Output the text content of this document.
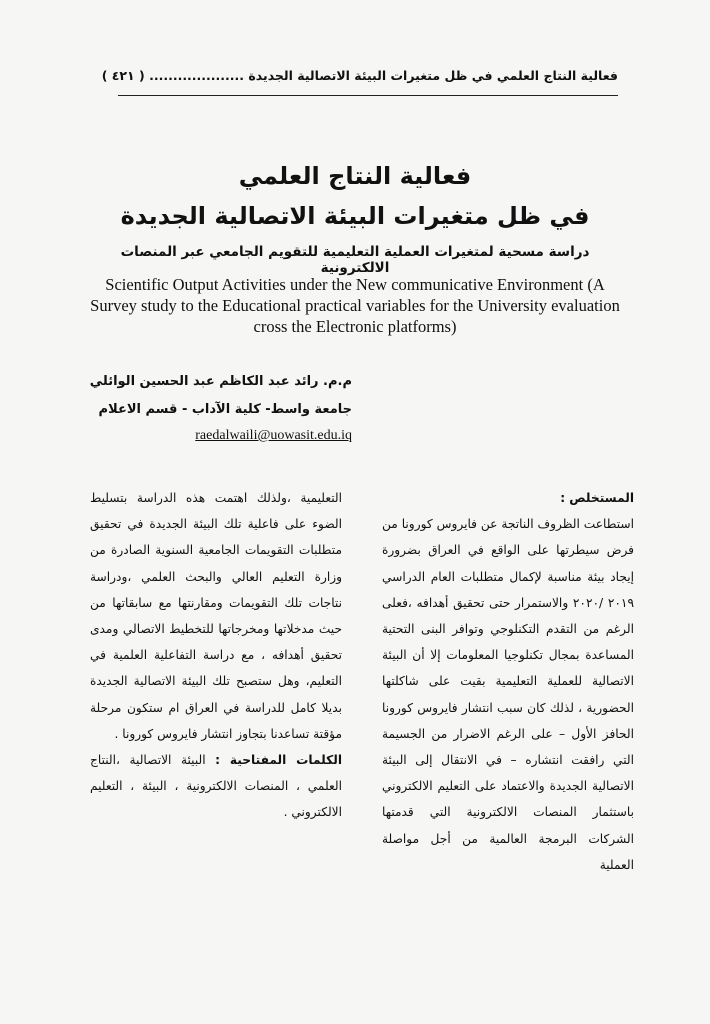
فعالية النتاج العلمي في ظل متغيرات البيئة الاتصالية الجديدة .................... ( ٤٢١ )
فعالية النتاج العلمي
في ظل متغيرات البيئة الاتصالية الجديدة
دراسة مسحية لمتغيرات العملية التعليمية للتقويم الجامعي عبر المنصات الالكترونية
Scientific Output Activities under the New communicative Environment (A Survey study to the Educational practical variables for the University evaluation cross the Electronic platforms)
م.م. رائد عبد الكاظم عبد الحسين الوائلي
جامعة واسط- كلية الآداب - قسم الاعلام
raedalwaili@uowasit.edu.iq
المستخلص :
استطاعت الظروف الناتجة عن فايروس كورونا من فرض سيطرتها على الواقع في العراق بضرورة إيجاد بيئة مناسبة لإكمال متطلبات العام الدراسي ٢٠١٩ /٢٠٢٠ والاستمرار حتى تحقيق أهدافه ،فعلى الرغم من التقدم التكنلوجي وتوافر البنى التحتية المساعدة بمجال تكنلوجيا المعلومات إلا أن البيئة الاتصالية للعملية التعليمية بقيت على شاكلتها الحضورية ، لذلك كان سبب انتشار فايروس كورونا الحافز الأول – على الرغم الاضرار من الجسيمة التي رافقت انتشاره – في الانتقال إلى البيئة الاتصالية الجديدة والاعتماد على التعليم الالكتروني باستثمار المنصات الالكترونية التي قدمتها الشركات البرمجة العالمية من أجل مواصلة العملية
التعليمية ،ولذلك اهتمت هذه الدراسة بتسليط الضوء على فاعلية تلك البيئة الجديدة في تحقيق متطلبات التقويمات الجامعية السنوية الصادرة من وزارة التعليم العالي والبحث العلمي ،ودراسة نتاجات تلك التقويمات ومقارنتها مع سابقاتها من حيث مدخلاتها ومخرجاتها للتخطيط الاتصالي ومدى تحقيق أهدافه ، مع دراسة التفاعلية العلمية في التعليم، وهل ستصبح تلك البيئة الاتصالية الجديدة بديلا كامل للدراسة في العراق ام ستكون مرحلة مؤقتة تساعدنا بتجاوز انتشار فايروس كورونا .
الكلمات المفتاحية : البيئة الاتصالية ،النتاج العلمي ، المنصات الالكترونية ، البيئة ، التعليم الالكتروني .
